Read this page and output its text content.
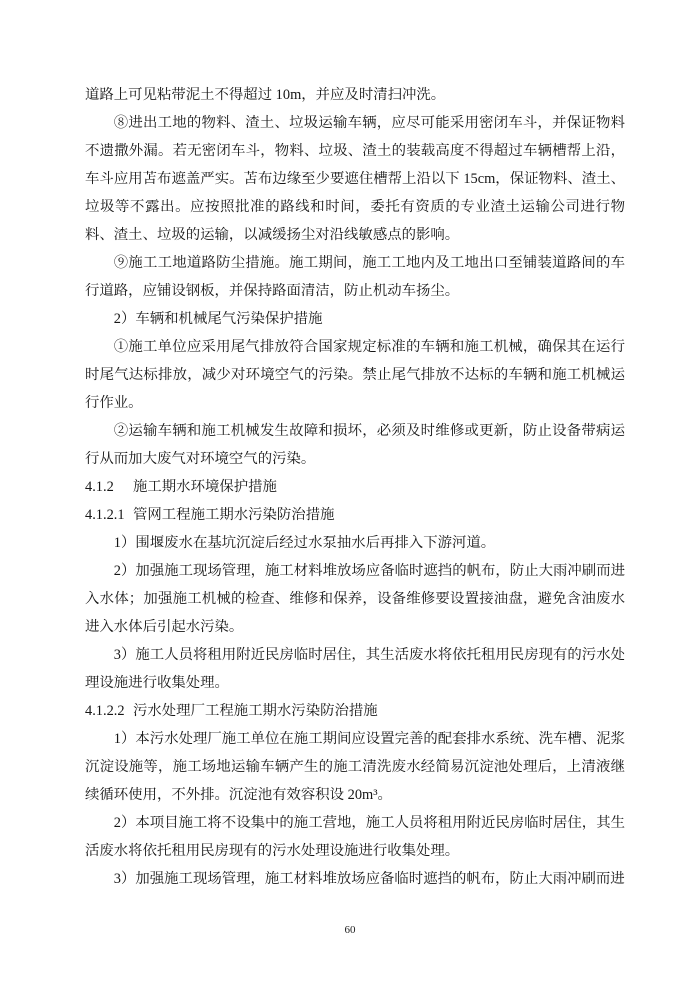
道路上可见粘带泥土不得超过 10m，并应及时清扫冲洗。

⑧进出工地的物料、渣土、垃圾运输车辆，应尽可能采用密闭车斗，并保证物料不遗撒外漏。若无密闭车斗，物料、垃圾、渣土的装载高度不得超过车辆槽帮上沿，车斗应用苫布遮盖严实。苫布边缘至少要遮住槽帮上沿以下 15cm，保证物料、渣土、垃圾等不露出。应按照批准的路线和时间，委托有资质的专业渣土运输公司进行物料、渣土、垃圾的运输，以减缓扬尘对沿线敏感点的影响。

⑨施工工地道路防尘措施。施工期间，施工工地内及工地出口至铺装道路间的车行道路，应铺设钢板，并保持路面清洁，防止机动车扬尘。

2）车辆和机械尾气污染保护措施

①施工单位应采用尾气排放符合国家规定标准的车辆和施工机械，确保其在运行时尾气达标排放，减少对环境空气的污染。禁止尾气排放不达标的车辆和施工机械运行作业。

②运输车辆和施工机械发生故障和损坏，必须及时维修或更新，防止设备带病运行从而加大废气对环境空气的污染。

4.1.2 施工期水环境保护措施

4.1.2.1 管网工程施工期水污染防治措施

1）围堰废水在基坑沉淀后经过水泵抽水后再排入下游河道。

2）加强施工现场管理，施工材料堆放场应备临时遮挡的帆布，防止大雨冲刷而进入水体；加强施工机械的检查、维修和保养，设备维修要设置接油盘，避免含油废水进入水体后引起水污染。

3）施工人员将租用附近民房临时居住，其生活废水将依托租用民房现有的污水处理设施进行收集处理。

4.1.2.2 污水处理厂工程施工期水污染防治措施

1）本污水处理厂施工单位在施工期间应设置完善的配套排水系统、洗车槽、泥浆沉淀设施等，施工场地运输车辆产生的施工清洗废水经简易沉淀池处理后，上清液继续循环使用，不外排。沉淀池有效容积设 20m³。

2）本项目施工将不设集中的施工营地，施工人员将租用附近民房临时居住，其生活废水将依托租用民房现有的污水处理设施进行收集处理。

3）加强施工现场管理，施工材料堆放场应备临时遮挡的帆布，防止大雨冲刷而进

60
